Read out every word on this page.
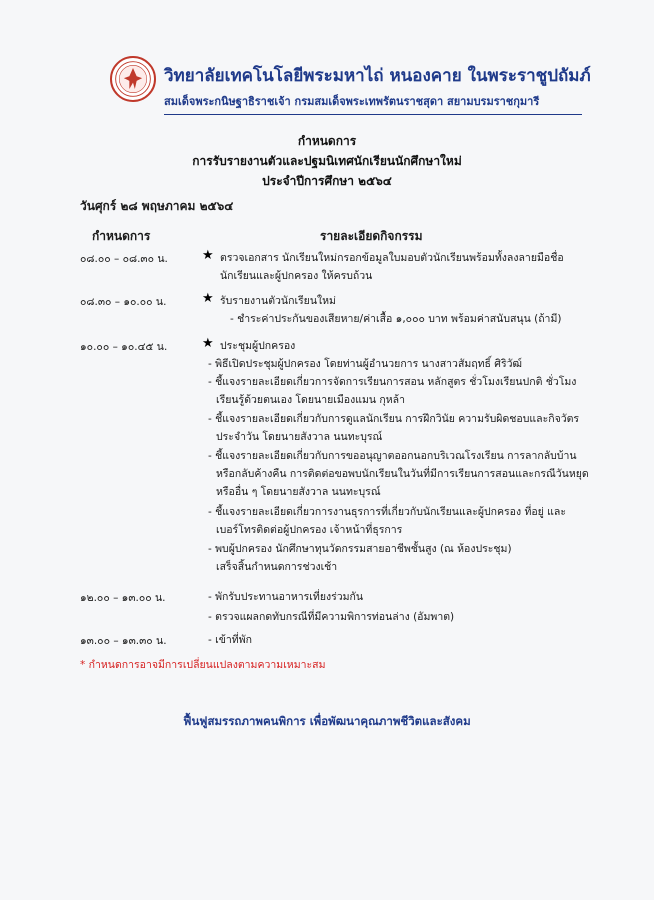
วิทยาลัยเทคโนโลยีพระมหาไถ่ หนองคาย ในพระราชูปถัมภ์
สมเด็จพระกนิษฐาธิราชเจ้า กรมสมเด็จพระเทพรัตนราชสุดา สยามบรมราชกุมารี
กำหนดการ
การรับรายงานตัวและปฐมนิเทศนักเรียนนักศึกษาใหม่
ประจำปีการศึกษา ๒๕๖๔
วันศุกร์ ๒๘ พฤษภาคม ๒๕๖๔
กำหนดการ	รายละเอียดกิจกรรม
๐๘.๐๐ – ๐๘.๓๐ น.	★ ตรวจเอกสาร นักเรียนใหม่กรอกข้อมูลใบมอบตัวนักเรียนพร้อมทั้งลงลายมือชื่อ
นักเรียนและผู้ปกครอง ให้ครบถ้วน
๐๘.๓๐ – ๑๐.๐๐ น.	★ รับรายงานตัวนักเรียนใหม่
- ชำระค่าประกันของเสียหาย/ค่าเสื้อ ๑,๐๐๐ บาท พร้อมค่าสนับสนุน (ถ้ามี)
๑๐.๐๐ – ๑๐.๔๕ น.	★ ประชุมผู้ปกครอง
- พิธีเปิดประชุมผู้ปกครอง โดยท่านผู้อำนวยการ นางสาวสัมฤทธิ์ ศิริวัฒ์
- ชี้แจงรายละเอียดเกี่ยวการจัดการเรียนการสอน หลักสูตร ชั่วโมงเรียนปกติ ชั่วโมง
เรียนรู้ด้วยตนเอง โดยนายเมืองแมน กุหล้า
- ชี้แจงรายละเอียดเกี่ยวกับการดูแลนักเรียน การฝึกวินัย ความรับผิดชอบและกิจวัตร
ประจำวัน โดยนายสังวาล นนทะบุรณ์
- ชี้แจงรายละเอียดเกี่ยวกับการขออนุญาตออกนอกบริเวณโรงเรียน การลากลับบ้าน
หรือกลับค้างคืน การติดต่อขอพบนักเรียนในวันที่มีการเรียนการสอนและกรณีวันหยุด
หรืออื่น ๆ โดยนายสังวาล นนทะบุรณ์
- ชี้แจงรายละเอียดเกี่ยวการงานธุรการที่เกี่ยวกับนักเรียนและผู้ปกครอง ที่อยู่ และ
เบอร์โทรติดต่อผู้ปกครอง เจ้าหน้าที่ธุรการ
- พบผู้ปกครอง นักศึกษาทุนวัดกรรมสายอาชีพชั้นสูง (ณ ห้องประชุม)
เสร็จสิ้นกำหนดการช่วงเช้า
๑๒.๐๐ – ๑๓.๐๐ น.	- พักรับประทานอาหารเที่ยงร่วมกัน
- ตรวจแผลกดทับกรณีที่มีความพิการท่อนล่าง (อัมพาต)
๑๓.๐๐ – ๑๓.๓๐ น.	- เข้าที่พัก
* กำหนดการอาจมีการเปลี่ยนแปลงตามความเหมาะสม
ฟื้นฟูสมรรถภาพคนพิการ เพื่อพัฒนาคุณภาพชีวิตและสังคม
